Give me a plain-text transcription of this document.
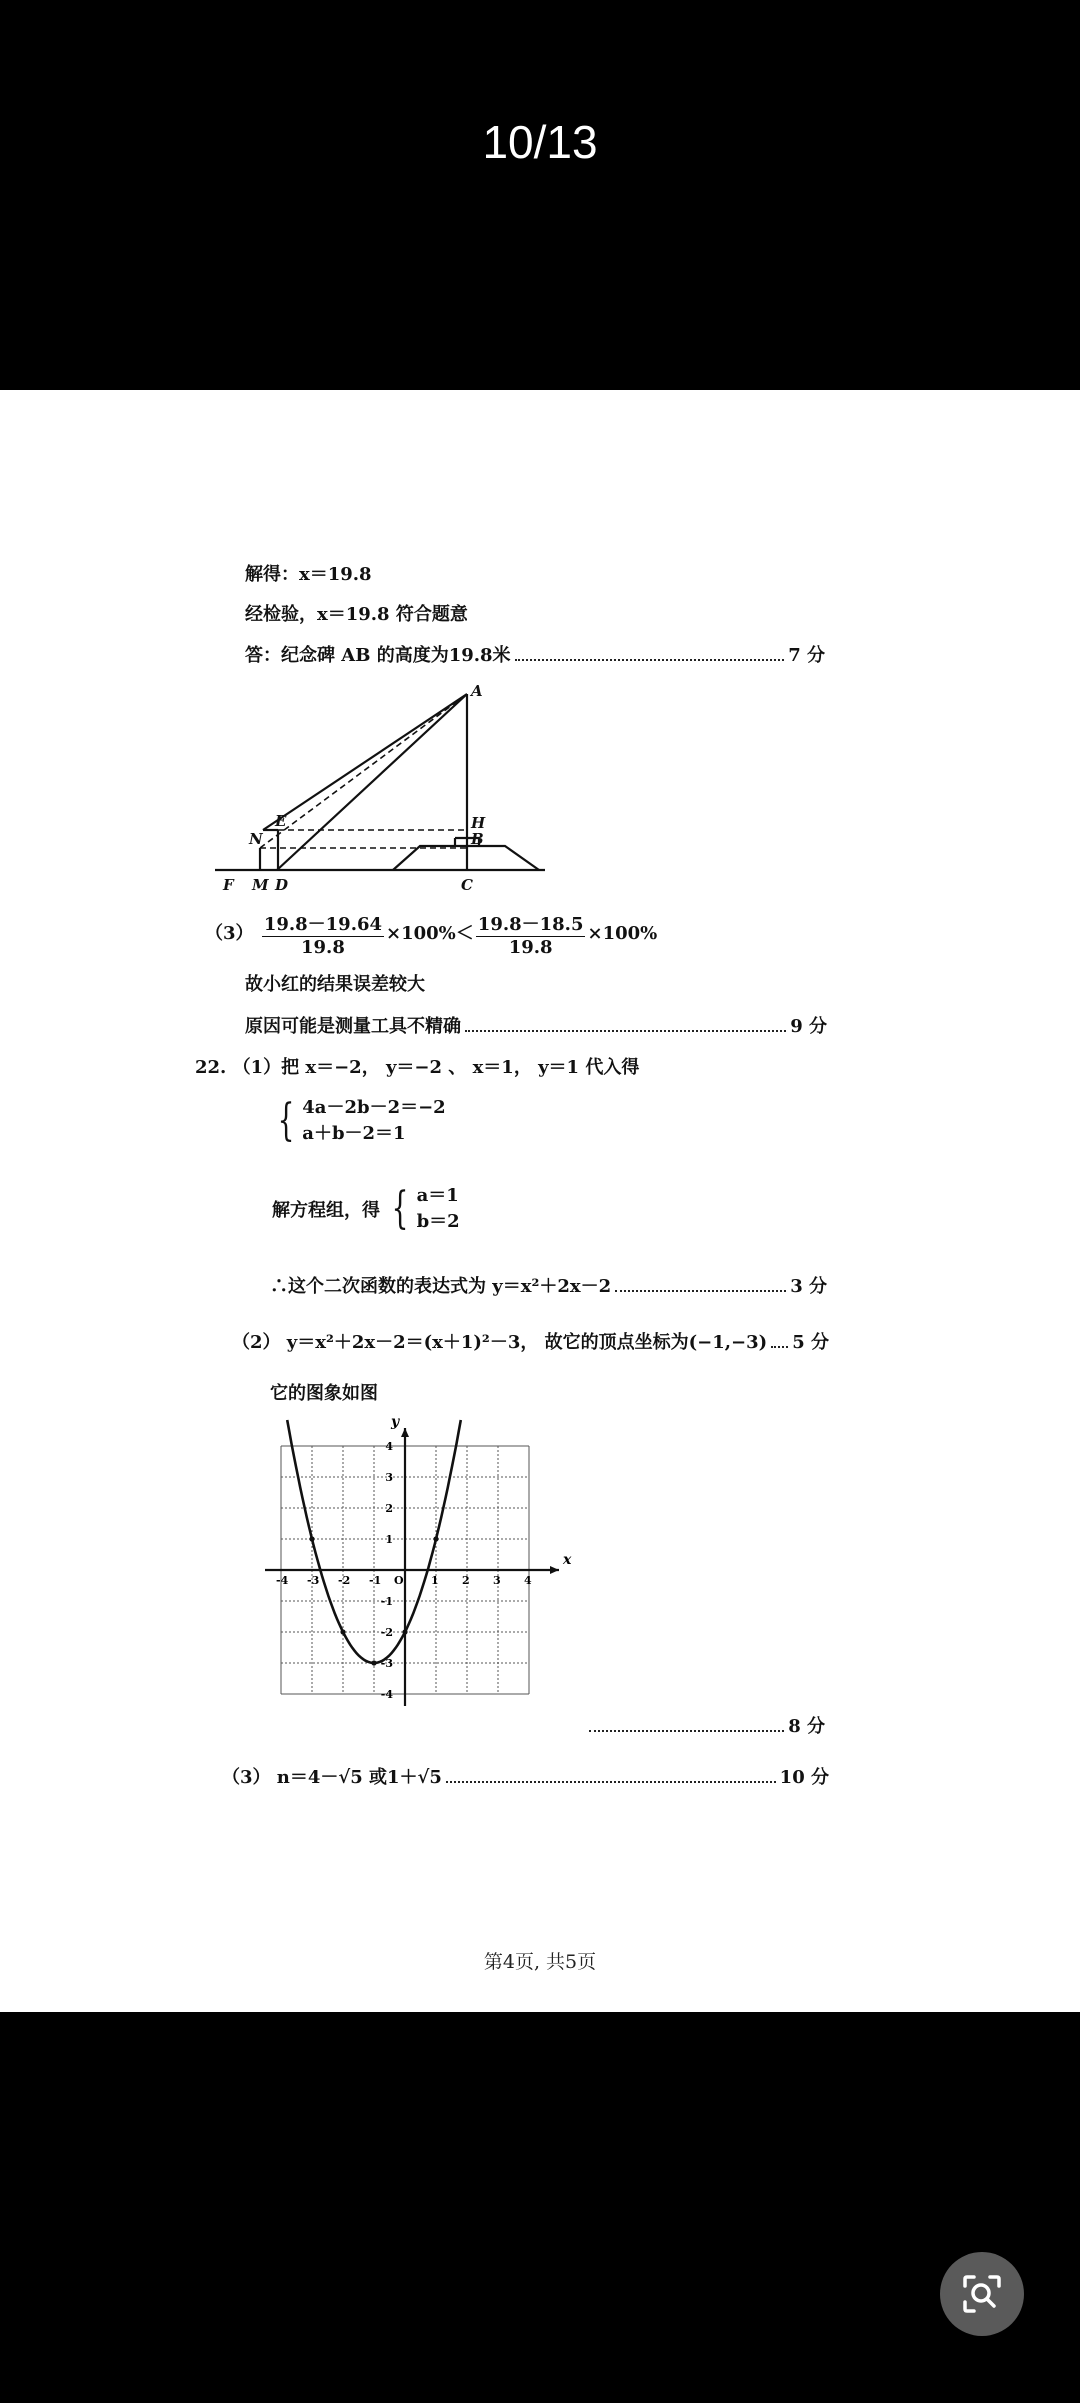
10/13
解得：x＝19.8
经检验，x＝19.8 符合题意
答：纪念碑 AB 的高度为19.8米	7 分
A
E
N
H
B
F M D	C
$(3) \frac{19.8-19.64}{19.8} \times 100\%< \frac{19.8-18.5}{19.8} \times 100\%$
故小红的结果误差较大
原因可能是测量工具不精确	9 分
22. （1）把 x＝−2， y＝−2 、 x＝1， y＝1 代入得
{ 4a－2b－2＝−2
a＋b－2＝1
解方程组，得 { a＝1
b＝2
∴这个二次函数的表达式为 y＝x²＋2x－2	3 分
（2） y＝x²＋2x－2＝(x＋1)²－3， 故它的顶点坐标为(−1,−3) 5 分
它的图象如图
x
y
-4 -3 -2 -1 O 1 2 3 4
4
3
2
1
-1
-2
-3
-4
8 分
（3） n＝4－√5 或1＋√5	10 分
第4页, 共5页
